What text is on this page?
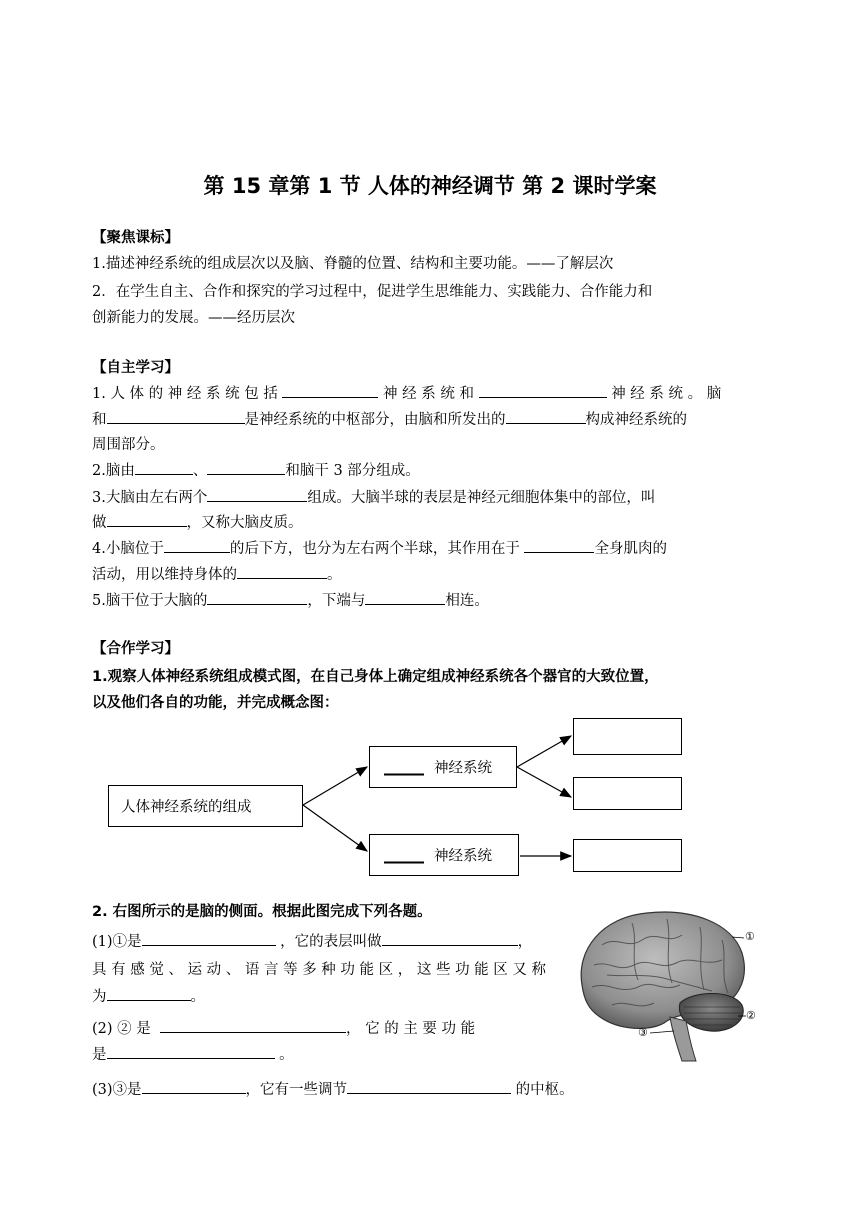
第 15 章第 1 节 人体的神经调节 第 2 课时学案
【聚焦课标】
1.描述神经系统的组成层次以及脑、脊髓的位置、结构和主要功能。——了解层次
2．在学生自主、合作和探究的学习过程中，促进学生思维能力、实践能力、合作能力和
创新能力的发展。——经历层次
【自主学习】
1. 人 体 的 神 经 系 统 包 括	神 经 系 统 和	神 经 系 统 。 脑
和	是神经系统的中枢部分，由脑和所发出的	构成神经系统的
周围部分。
2.脑由	、	和脑干 3 部分组成。
3.大脑由左右两个	组成。大脑半球的表层是神经元细胞体集中的部位，叫
做	，又称大脑皮质。
4.小脑位于	的后下方，也分为左右两个半球，其作用在于	全身肌肉的
活动，用以维持身体的	。
5.脑干位于大脑的	，下端与	相连。
【合作学习】
1.观察人体神经系统组成模式图，在自己身体上确定组成神经系统各个器官的大致位置，
以及他们各自的功能，并完成概念图：
人体神经系统的组成
神经系统
神经系统
2. 右图所示的是脑的侧面。根据此图完成下列各题。
(1)①是	，它的表层叫做	，
具 有 感 觉 、 运 动 、 语 言 等 多 种 功 能 区 ， 这 些 功 能 区 又 称
为	。
(2) ② 是	， 它 的 主 要 功 能
是	。
(3)③是	，它有一些调节	的中枢。
①
②
③
